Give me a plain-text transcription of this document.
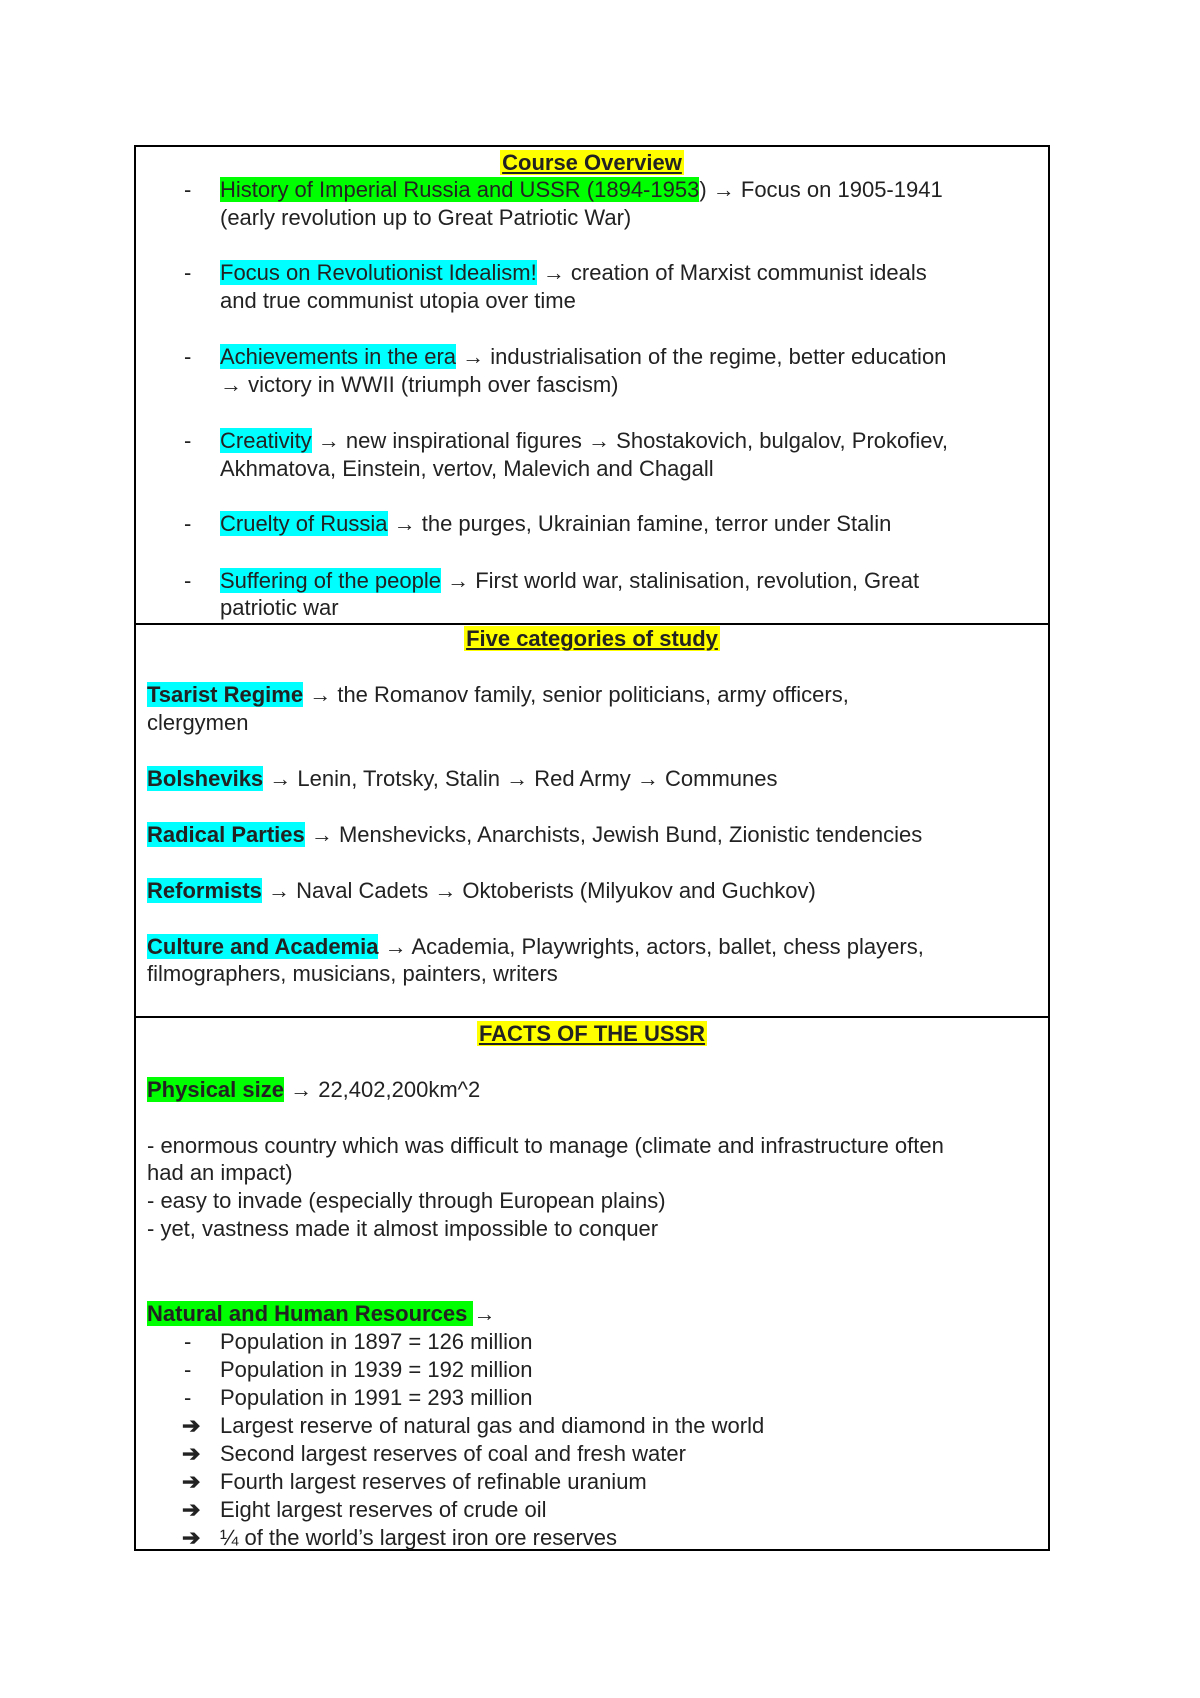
Course Overview
- History of Imperial Russia and USSR (1894-1953) → Focus on 1905-1941
(early revolution up to Great Patriotic War)
- Focus on Revolutionist Idealism! → creation of Marxist communist ideals
and true communist utopia over time
- Achievements in the era → industrialisation of the regime, better education
→ victory in WWII (triumph over fascism)
- Creativity → new inspirational figures → Shostakovich, bulgalov, Prokofiev,
Akhmatova, Einstein, vertov, Malevich and Chagall
- Cruelty of Russia → the purges, Ukrainian famine, terror under Stalin
- Suffering of the people → First world war, stalinisation, revolution, Great
patriotic war
Five categories of study
Tsarist Regime → the Romanov family, senior politicians, army officers,
clergymen
Bolsheviks → Lenin, Trotsky, Stalin → Red Army → Communes
Radical Parties → Menshevicks, Anarchists, Jewish Bund, Zionistic tendencies
Reformists → Naval Cadets → Oktoberists (Milyukov and Guchkov)
Culture and Academia → Academia, Playwrights, actors, ballet, chess players,
filmographers, musicians, painters, writers
FACTS OF THE USSR
Physical size → 22,402,200km^2
- enormous country which was difficult to manage (climate and infrastructure often
had an impact)
- easy to invade (especially through European plains)
- yet, vastness made it almost impossible to conquer
Natural and Human Resources →
- Population in 1897 = 126 million
- Population in 1939 = 192 million
- Population in 1991 = 293 million
➔ Largest reserve of natural gas and diamond in the world
➔ Second largest reserves of coal and fresh water
➔ Fourth largest reserves of refinable uranium
➔ Eight largest reserves of crude oil
➔ ¼ of the world’s largest iron ore reserves
